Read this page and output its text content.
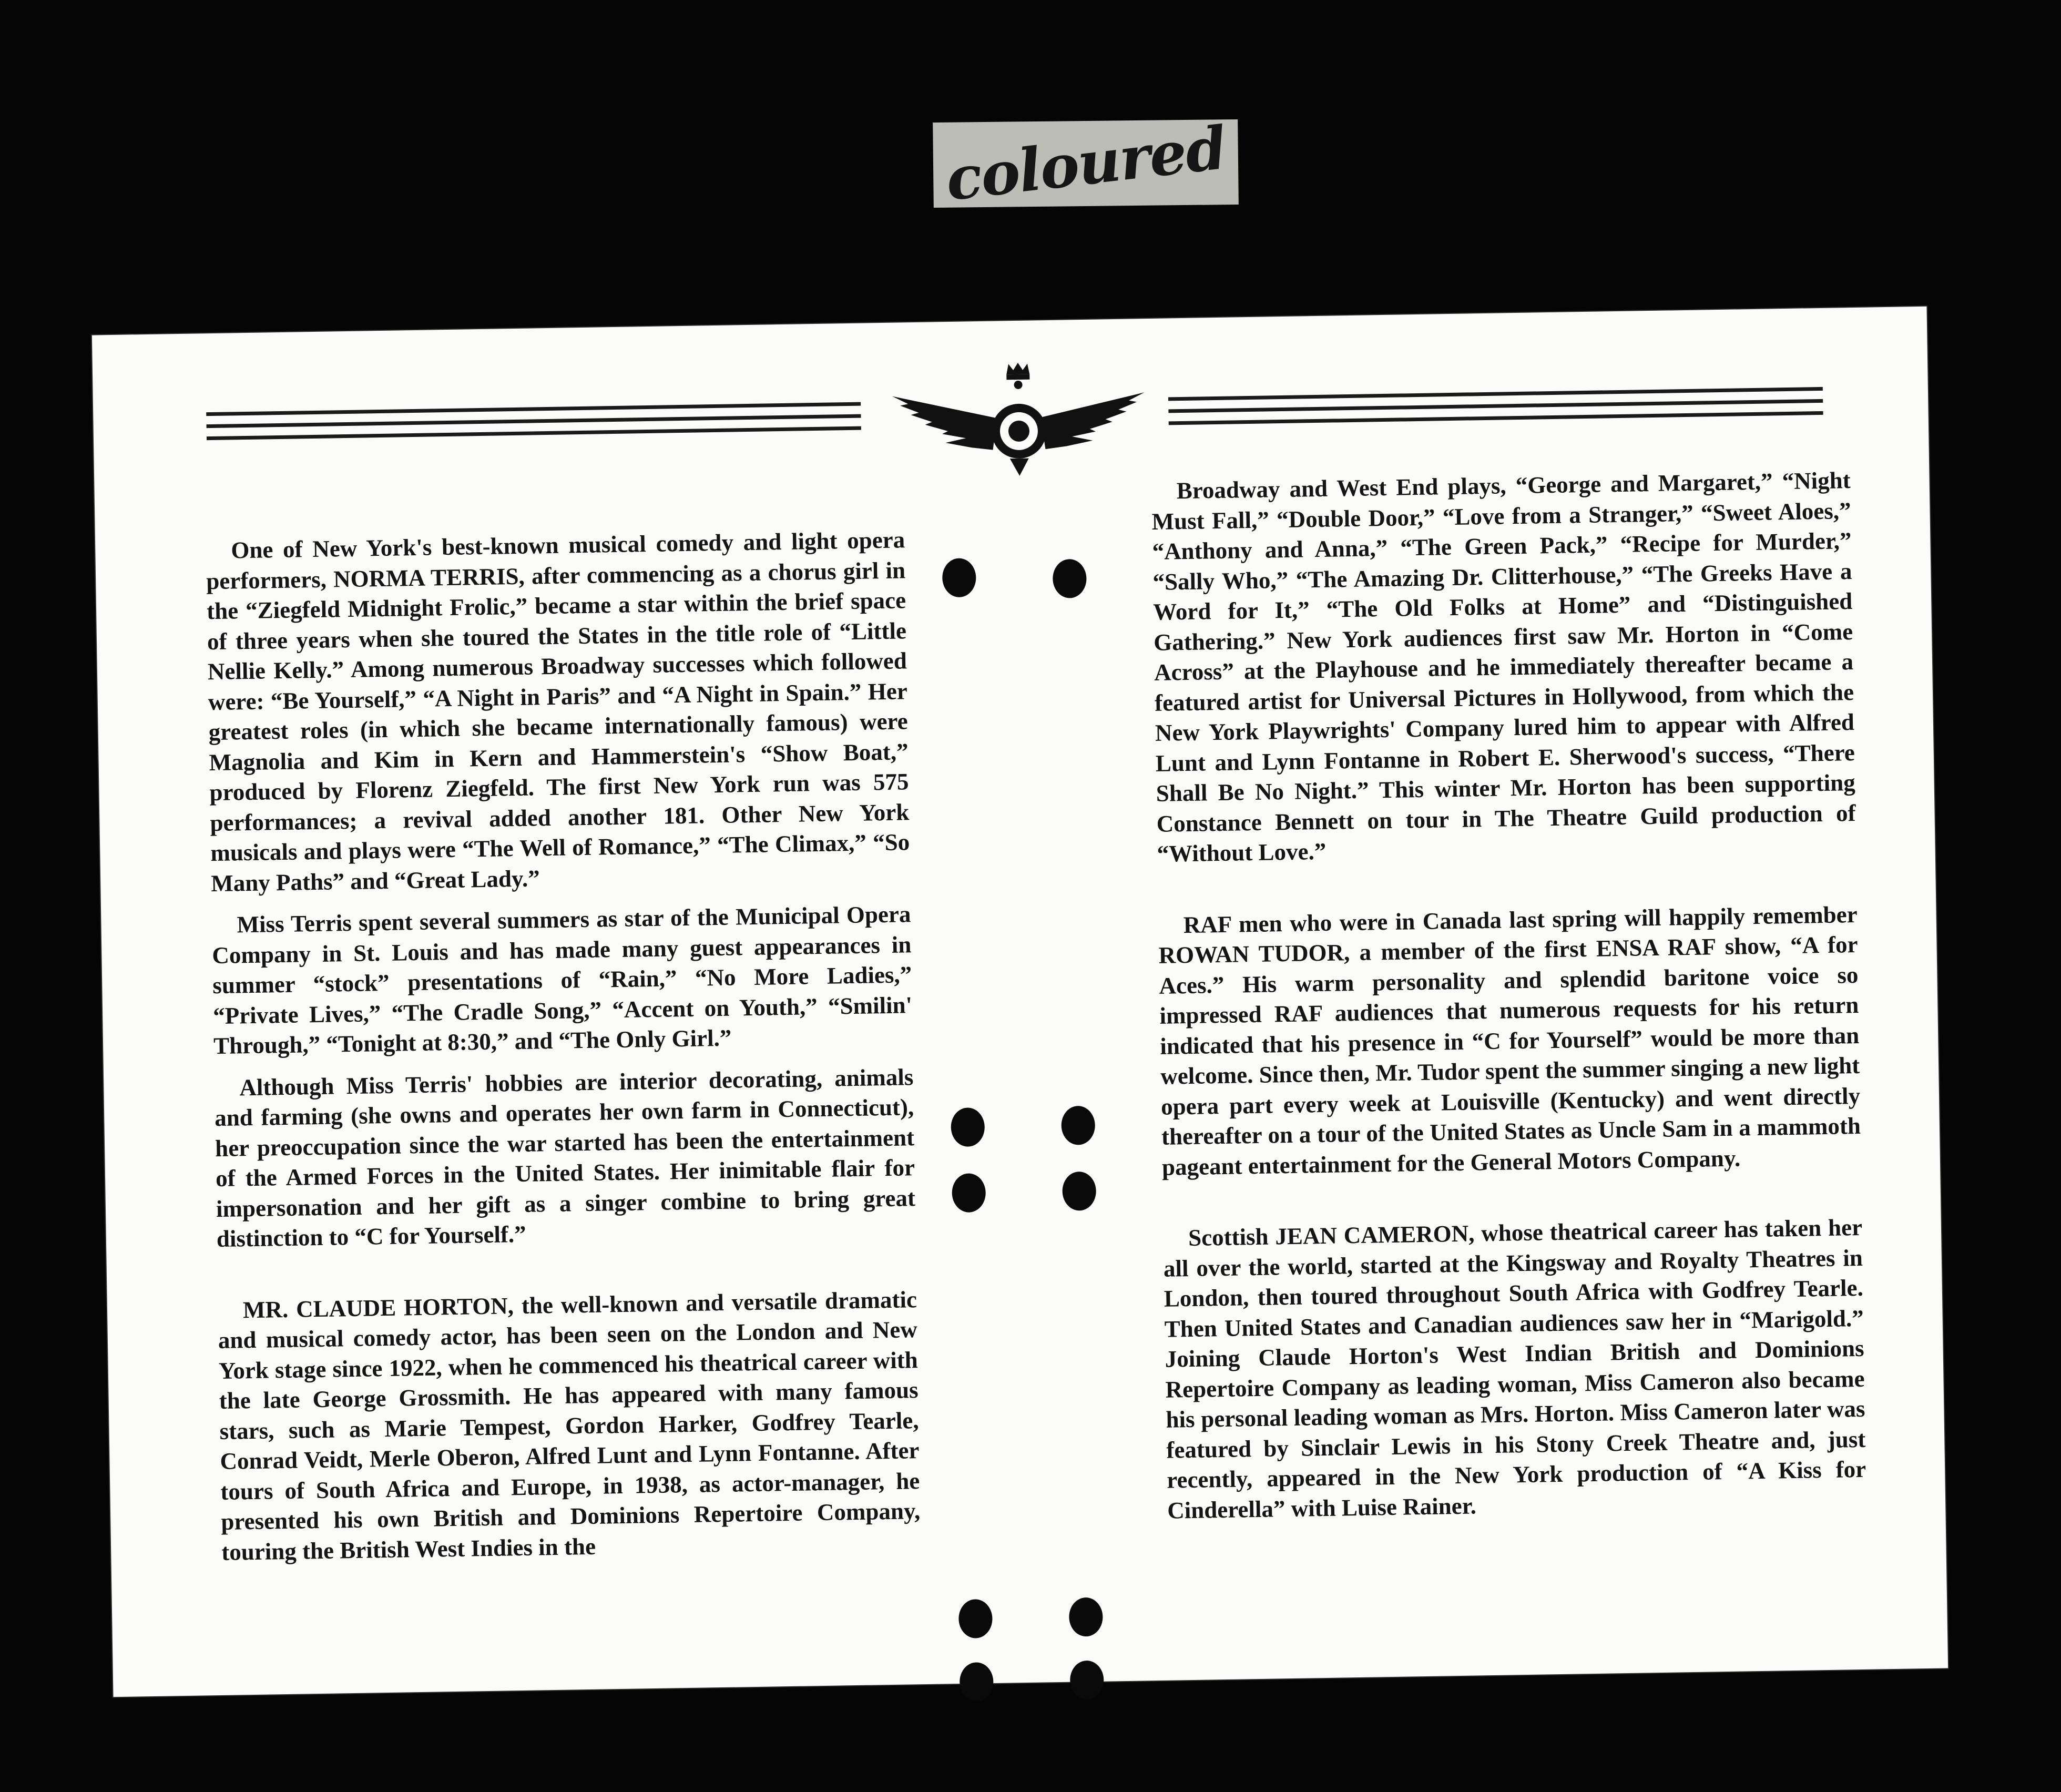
coloured

One of New York's best-known musical comedy and light opera performers, NORMA TERRIS, after commencing as a chorus girl in the “Ziegfeld Midnight Frolic,” became a star within the brief space of three years when she toured the States in the title role of “Little Nellie Kelly.” Among numerous Broadway successes which followed were: “Be Yourself,” “A Night in Paris” and “A Night in Spain.” Her greatest roles (in which she became internationally famous) were Magnolia and Kim in Kern and Hammerstein's “Show Boat,” produced by Florenz Ziegfeld. The first New York run was 575 performances; a revival added another 181. Other New York musicals and plays were “The Well of Romance,” “The Climax,” “So Many Paths” and “Great Lady.”

Miss Terris spent several summers as star of the Municipal Opera Company in St. Louis and has made many guest appearances in summer “stock” presentations of “Rain,” “No More Ladies,” “Private Lives,” “The Cradle Song,” “Accent on Youth,” “Smilin' Through,” “Tonight at 8:30,” and “The Only Girl.”

Although Miss Terris' hobbies are interior decorating, animals and farming (she owns and operates her own farm in Connecticut), her preoccupation since the war started has been the entertainment of the Armed Forces in the United States. Her inimitable flair for impersonation and her gift as a singer combine to bring great distinction to “C for Yourself.”

MR. CLAUDE HORTON, the well-known and versatile dramatic and musical comedy actor, has been seen on the London and New York stage since 1922, when he commenced his theatrical career with the late George Grossmith. He has appeared with many famous stars, such as Marie Tempest, Gordon Harker, Godfrey Tearle, Conrad Veidt, Merle Oberon, Alfred Lunt and Lynn Fontanne. After tours of South Africa and Europe, in 1938, as actor-manager, he presented his own British and Dominions Repertoire Company, touring the British West Indies in the

Broadway and West End plays, “George and Margaret,” “Night Must Fall,” “Double Door,” “Love from a Stranger,” “Sweet Aloes,” “Anthony and Anna,” “The Green Pack,” “Recipe for Murder,” “Sally Who,” “The Amazing Dr. Clitterhouse,” “The Greeks Have a Word for It,” “The Old Folks at Home” and “Distinguished Gathering.” New York audiences first saw Mr. Horton in “Come Across” at the Playhouse and he immediately thereafter became a featured artist for Universal Pictures in Hollywood, from which the New York Playwrights' Company lured him to appear with Alfred Lunt and Lynn Fontanne in Robert E. Sherwood's success, “There Shall Be No Night.” This winter Mr. Horton has been supporting Constance Bennett on tour in The Theatre Guild production of “Without Love.”

RAF men who were in Canada last spring will happily remember ROWAN TUDOR, a member of the first ENSA RAF show, “A for Aces.” His warm personality and splendid baritone voice so impressed RAF audiences that numerous requests for his return indicated that his presence in “C for Yourself” would be more than welcome. Since then, Mr. Tudor spent the summer singing a new light opera part every week at Louisville (Kentucky) and went directly thereafter on a tour of the United States as Uncle Sam in a mammoth pageant entertainment for the General Motors Company.

Scottish JEAN CAMERON, whose theatrical career has taken her all over the world, started at the Kingsway and Royalty Theatres in London, then toured throughout South Africa with Godfrey Tearle. Then United States and Canadian audiences saw her in “Marigold.” Joining Claude Horton's West Indian British and Dominions Repertoire Company as leading woman, Miss Cameron also became his personal leading woman as Mrs. Horton. Miss Cameron later was featured by Sinclair Lewis in his Stony Creek Theatre and, just recently, appeared in the New York production of “A Kiss for Cinderella” with Luise Rainer.
